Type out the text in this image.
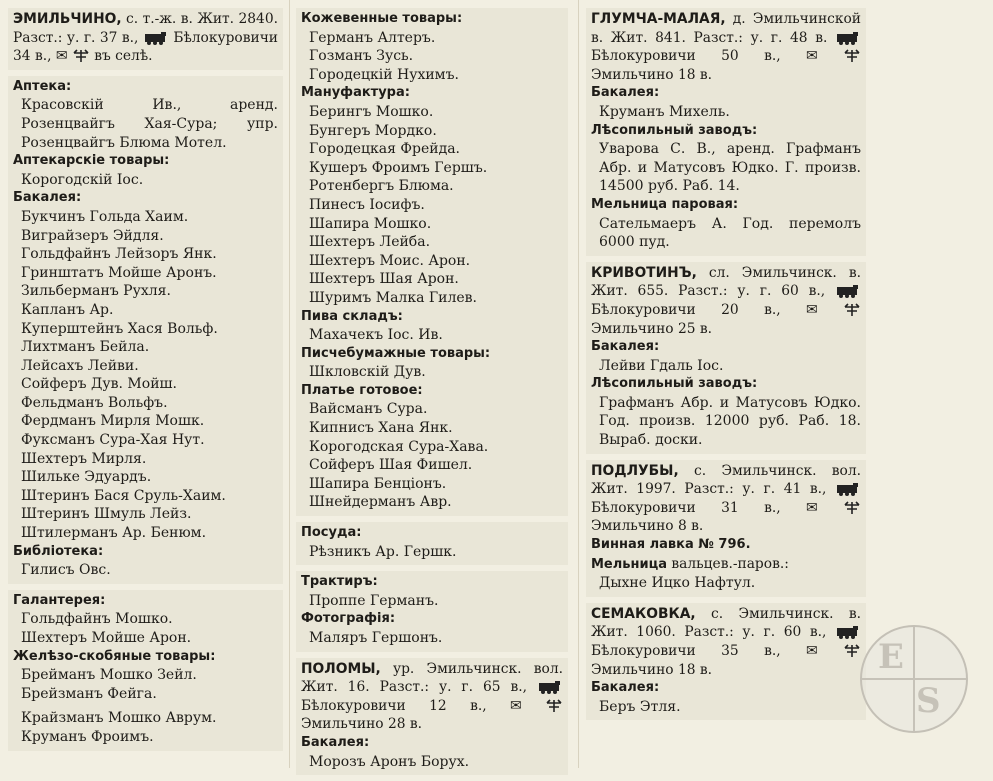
ЭМИЛЬЧИНО, с. т.-ж. в. Жит. 2840. Разст.: у. г. 37 в.,  Бѣлокуровичи 34 в., ✉  въ селѣ.
Аптека:
Красовскій Ив., аренд. Розенцвайгъ Хая-Сура; упр. Розенцвайгъ Блюма Мотел.
Аптекарскіе товары:
Корогодскій Іос.
Бакалея:
Букчинъ Гольда Хаим.
Виграйзеръ Эйдля.
Гольдфайнъ Лейзоръ Янк.
Гринштатъ Мойше Аронъ.
Зильберманъ Рухля.
Капланъ Ар.
Куперштейнъ Хася Вольф.
Лихтманъ Бейла.
Лейсахъ Лейви.
Сойферъ Дув. Мойш.
Фельдманъ Вольфъ.
Фердманъ Мирля Мошк.
Фуксманъ Сура-Хая Нут.
Шехтеръ Мирля.
Шилькe Эдуардъ.
Штеринъ Бася Сруль-Хаим.
Штеринъ Шмуль Лейз.
Штилерманъ Ар. Бенюм.
Библіотека:
Гилисъ Овс.
Галантерея:
Гольдфайнъ Мошко.
Шехтеръ Мойше Арон.
Желѣзо-скобяные товары:
Брейманъ Мошко Зейл.
Брейзманъ Фейга.
Крайзманъ Мошко Аврум.
Круманъ Фроимъ.
Кожевенные товары:
Германъ Алтеръ.
Гозманъ Зусь.
Городецкій Нухимъ.
Мануфактура:
Берингъ Мошко.
Бунгеръ Мордко.
Городецкая Фрейда.
Кушеръ Фроимъ Гершъ.
Ротенбергъ Блюма.
Пинесъ Іосифъ.
Шапира Мошко.
Шехтеръ Лейба.
Шехтеръ Моис. Арон.
Шехтеръ Шая Арон.
Шуримъ Малка Гилев.
Пива складъ:
Махачекъ Іос. Ив.
Писчебумажные товары:
Шкловскій Дув.
Платье готовое:
Вайсманъ Сура.
Кипнисъ Хана Янк.
Корогодская Сура-Хава.
Сойферъ Шая Фишел.
Шапира Бенціонъ.
Шнейдерманъ Авр.
Посуда:
Рѣзникъ Ар. Гершк.
Трактиръ:
Проппе Германъ.
Фотографія:
Маляръ Гершонъ.
ПОЛОМЫ, ур. Эмильчинск. вол. Жит. 16. Разст.: у. г. 65 в.,  Бѣлокуровичи 12 в., ✉  Эмильчино 28 в.
Бакалея:
Морозъ Аронъ Борух.
ГЛУМЧА-МАЛАЯ, д. Эмильчинской в. Жит. 841. Разст.: у. г. 48 в.  Бѣлокуровичи 50 в., ✉  Эмильчино 18 в.
Бакалея:
Круманъ Михель.
Лѣсопильный заводъ:
Уварова С. В., аренд. Графманъ Абр. и Матусовъ Юдко. Г. произв. 14500 руб. Раб. 14.
Мельница паровая:
Сательмаеръ А. Год. перемолъ 6000 пуд.
КРИВОТИНЪ, сл. Эмильчинск. в. Жит. 655. Разст.: у. г. 60 в.,  Бѣлокуровичи 20 в., ✉  Эмильчино 25 в.
Бакалея:
Лейви Гдаль Іос.
Лѣсопильный заводъ:
Графманъ Абр. и Матусовъ Юдко. Год. произв. 12000 руб. Раб. 18. Выраб. доски.
ПОДЛУБЫ, с. Эмильчинск. вол. Жит. 1997. Разст.: у. г. 41 в.,  Бѣлокуровичи 31 в., ✉  Эмильчино 8 в.
Винная лавка № 796.
Мельница вальцев.-паров.:
Дыхне Ицко Нафтул.
СЕМАКОВКА, с. Эмильчинск. в. Жит. 1060. Разст.: у. г. 60 в.,  Бѣлокуровичи 35 в., ✉  Эмильчино 18 в.
Бакалея:
Беръ Этля.
E
S
